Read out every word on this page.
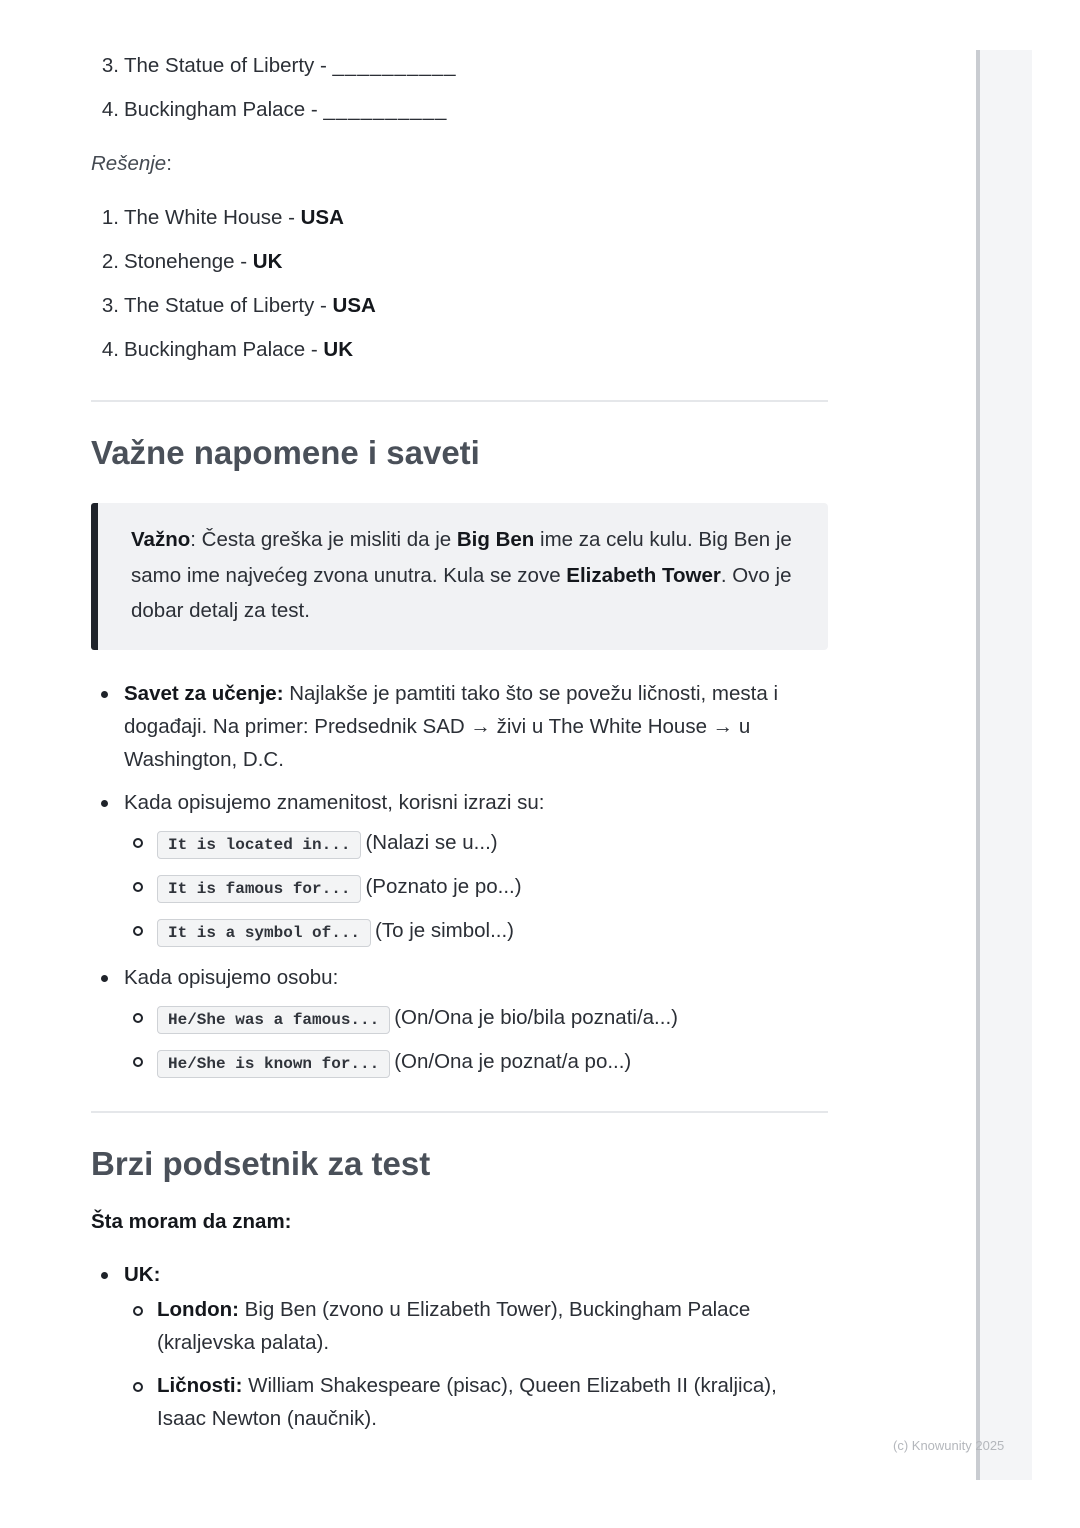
3. The Statue of Liberty - __________
4. Buckingham Palace - __________
Rešenje:
1. The White House - USA
2. Stonehenge - UK
3. The Statue of Liberty - USA
4. Buckingham Palace - UK
Važne napomene i saveti
Važno: Česta greška je misliti da je Big Ben ime za celu kulu. Big Ben je samo ime najvećeg zvona unutra. Kula se zove Elizabeth Tower. Ovo je dobar detalj za test.
Savet za učenje: Najlakše je pamtiti tako što se povežu ličnosti, mesta i događaji. Na primer: Predsednik SAD → živi u The White House → u Washington, D.C.
Kada opisujemo znamenitost, korisni izrazi su:
It is located in... (Nalazi se u...)
It is famous for... (Poznato je po...)
It is a symbol of... (To je simbol...)
Kada opisujemo osobu:
He/She was a famous... (On/Ona je bio/bila poznati/a...)
He/She is known for... (On/Ona je poznat/a po...)
Brzi podsetnik za test
Šta moram da znam:
UK:
London: Big Ben (zvono u Elizabeth Tower), Buckingham Palace (kraljevska palata).
Ličnosti: William Shakespeare (pisac), Queen Elizabeth II (kraljica), Isaac Newton (naučnik).
(c) Knowunity 2025
